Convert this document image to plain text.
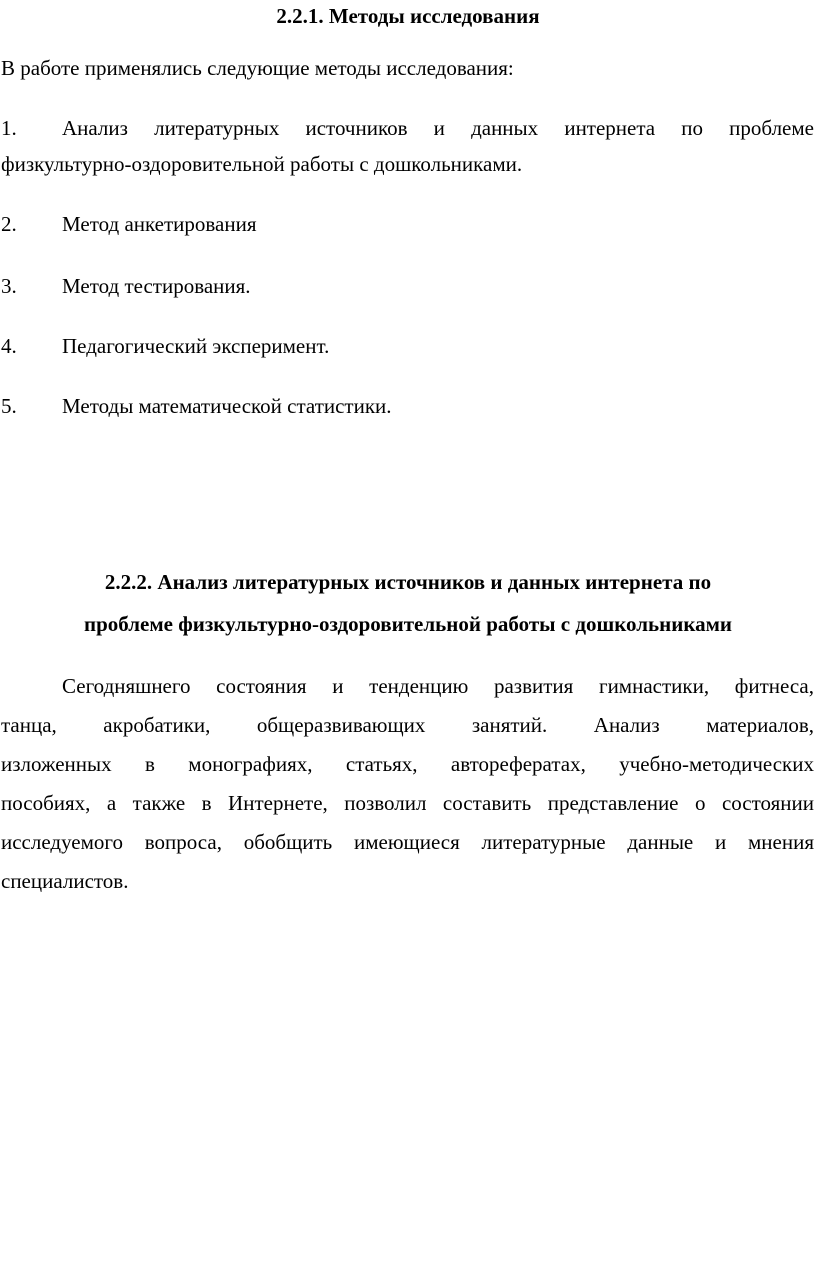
2.2.1. Методы исследования

В работе применялись следующие методы исследования:

1. Анализ литературных источников и данных интернета по проблеме
физкультурно-оздоровительной работы с дошкольниками.
2. Метод анкетирования
3. Метод тестирования.
4. Педагогический эксперимент.
5. Методы математической статистики.
2.2.2. Анализ литературных источников и данных интернета по
проблеме физкультурно-оздоровительной работы с дошкольниками
Сегодняшнего состояния и тенденцию развития гимнастики, фитнеса,
танца, акробатики, общеразвивающих занятий. Анализ материалов,
изложенных в монографиях, статьях, авторефератах, учебно-методических
пособиях, а также в Интернете, позволил составить представление о состоянии
исследуемого вопроса, обобщить имеющиеся литературные данные и мнения
специалистов.
